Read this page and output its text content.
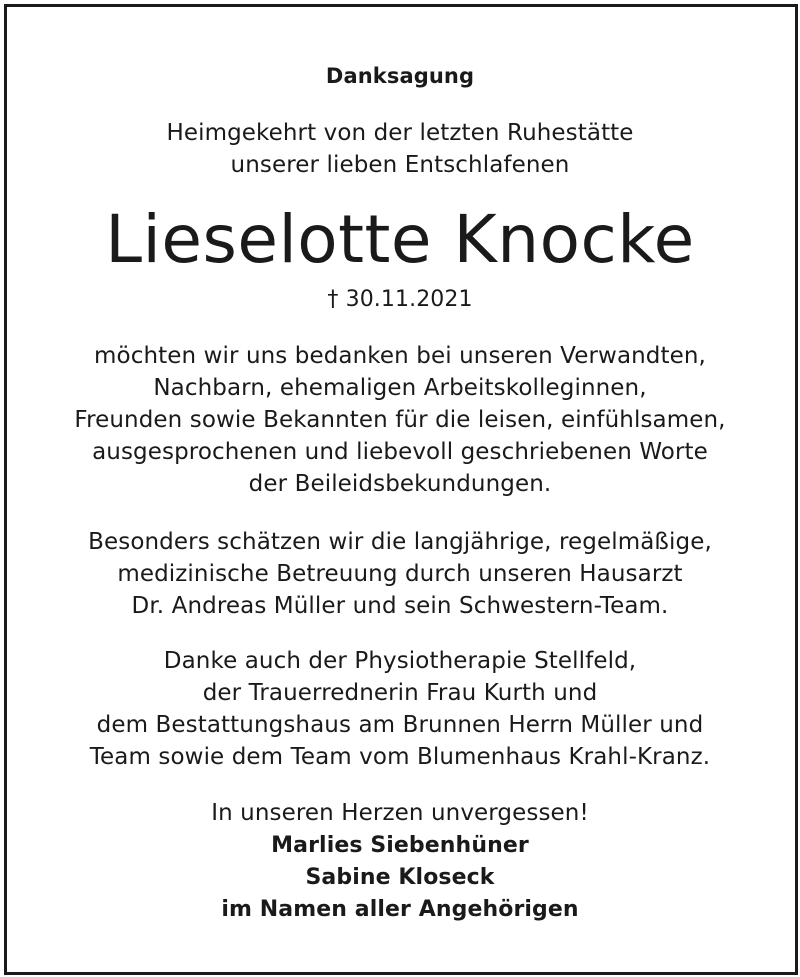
Danksagung
Heimgekehrt von der letzten Ruhestätte
unserer lieben Entschlafenen
Lieselotte Knocke
† 30.11.2021
möchten wir uns bedanken bei unseren Verwandten,
Nachbarn, ehemaligen Arbeitskolleginnen,
Freunden sowie Bekannten für die leisen, einfühlsamen,
ausgesprochenen und liebevoll geschriebenen Worte
der Beileidsbekundungen.
Besonders schätzen wir die langjährige, regelmäßige,
medizinische Betreuung durch unseren Hausarzt
Dr. Andreas Müller und sein Schwestern-Team.
Danke auch der Physiotherapie Stellfeld,
der Trauerrednerin Frau Kurth und
dem Bestattungshaus am Brunnen Herrn Müller und
Team sowie dem Team vom Blumenhaus Krahl-Kranz.
In unseren Herzen unvergessen!
Marlies Siebenhüner
Sabine Kloseck
im Namen aller Angehörigen
